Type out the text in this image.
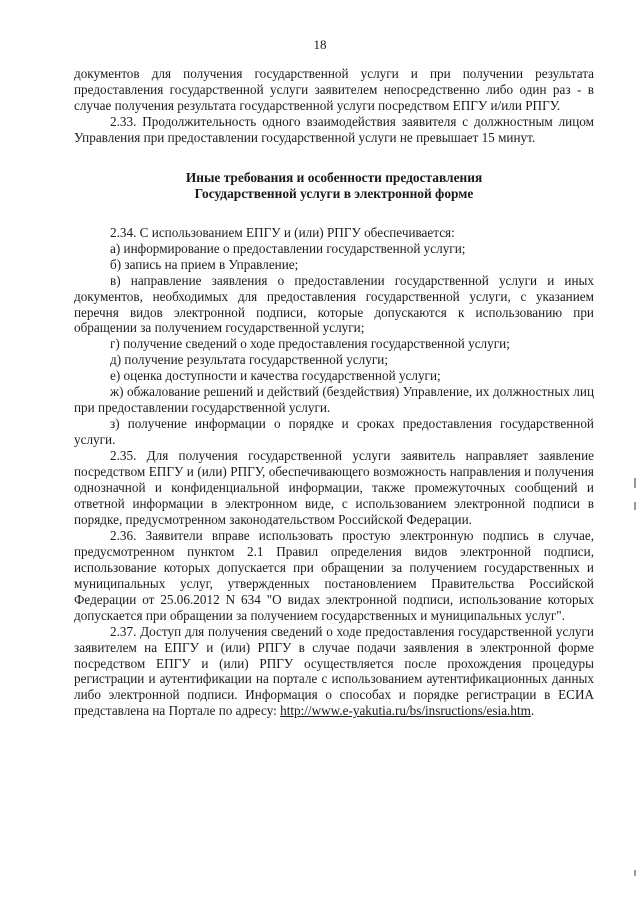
18

документов для получения государственной услуги и при получении результата предоставления государственной услуги заявителем непосредственно либо один раз - в случае получения результата государственной услуги посредством ЕПГУ и/или РПГУ.

2.33. Продолжительность одного взаимодействия заявителя с должностным лицом Управления при предоставлении государственной услуги не превышает 15 минут.

Иные требования и особенности предоставления
Государственной услуги в электронной форме

2.34. С использованием ЕПГУ и (или) РПГУ обеспечивается:

а) информирование о предоставлении государственной услуги;

б) запись на прием в Управление;

в) направление заявления о предоставлении государственной услуги и иных документов, необходимых для предоставления государственной услуги, с указанием перечня видов электронной подписи, которые допускаются к использованию при обращении за получением государственной услуги;

г) получение сведений о ходе предоставления государственной услуги;

д) получение результата государственной услуги;

е) оценка доступности и качества государственной услуги;

ж) обжалование решений и действий (бездействия) Управление, их должностных лиц при предоставлении государственной услуги.

з) получение информации о порядке и сроках предоставления государственной услуги.

2.35. Для получения государственной услуги заявитель направляет заявление посредством ЕПГУ и (или) РПГУ, обеспечивающего возможность направления и получения однозначной и конфиденциальной информации, также промежуточных сообщений и ответной информации в электронном виде, с использованием электронной подписи в порядке, предусмотренном законодательством Российской Федерации.

2.36. Заявители вправе использовать простую электронную подпись в случае, предусмотренном пунктом 2.1 Правил определения видов электронной подписи, использование которых допускается при обращении за получением государственных и муниципальных услуг, утвержденных постановлением Правительства Российской Федерации от 25.06.2012 N 634 "О видах электронной подписи, использование которых допускается при обращении за получением государственных и муниципальных услуг".

2.37. Доступ для получения сведений о ходе предоставления государственной услуги заявителем на ЕПГУ и (или) РПГУ в случае подачи заявления в электронной форме посредством ЕПГУ и (или) РПГУ осуществляется после прохождения процедуры регистрации и аутентификации на портале с использованием аутентификационных данных либо электронной подписи. Информация о способах и порядке регистрации в ЕСИА представлена на Портале по адресу: http://www.e-yakutia.ru/bs/insructions/esia.htm.
